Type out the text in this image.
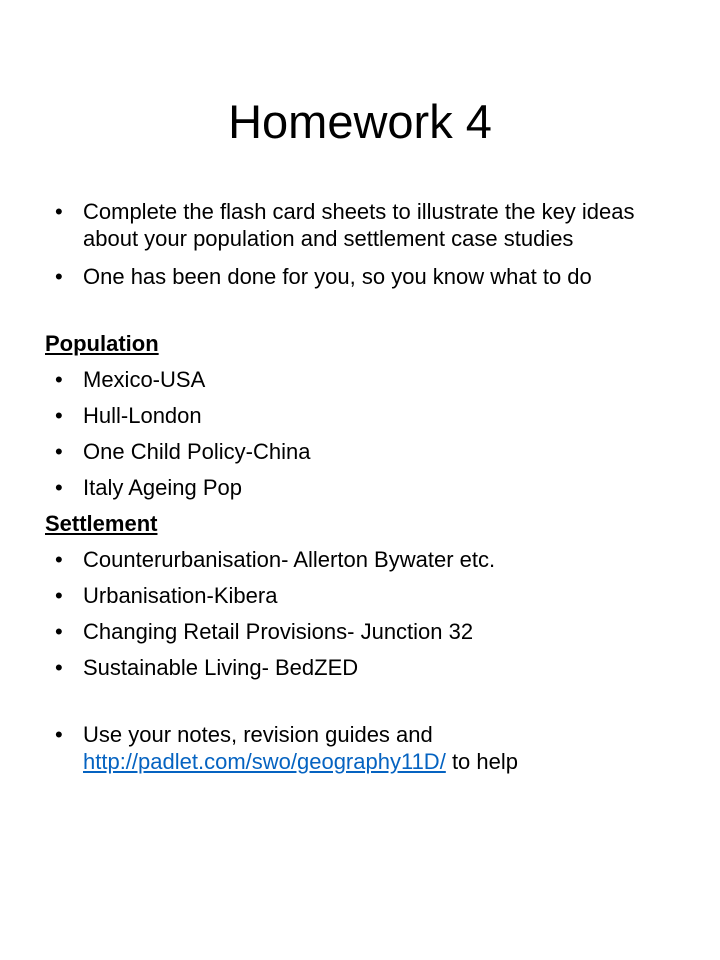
Homework 4
• Complete the flash card sheets to illustrate the key ideas about your population and settlement case studies
• One has been done for you, so you know what to do
Population
• Mexico-USA
• Hull-London
• One Child Policy-China
• Italy Ageing Pop
Settlement
• Counterurbanisation- Allerton Bywater etc.
• Urbanisation-Kibera
• Changing Retail Provisions- Junction 32
• Sustainable Living- BedZED
• Use your notes, revision guides and http://padlet.com/swo/geography11D/ to help
